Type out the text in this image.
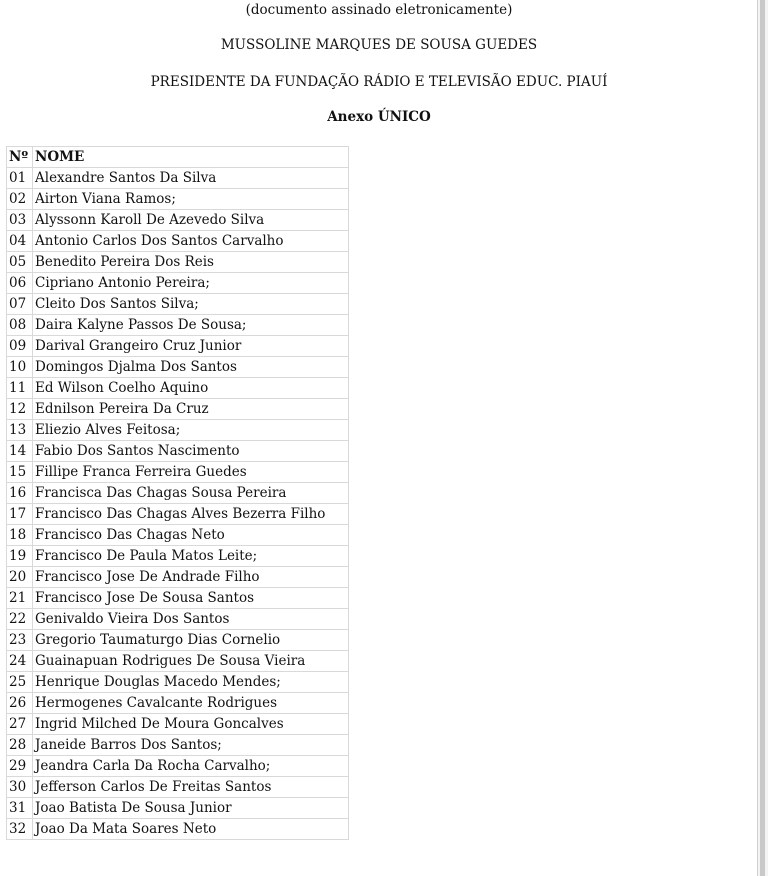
(documento assinado eletronicamente)
MUSSOLINE MARQUES DE SOUSA GUEDES
PRESIDENTE DA FUNDAÇÃO RÁDIO E TELEVISÃO EDUC. PIAUÍ
Anexo ÚNICO
Nº	NOME
01	Alexandre Santos Da Silva
02	Airton Viana Ramos;
03	Alyssonn Karoll De Azevedo Silva
04	Antonio Carlos Dos Santos Carvalho
05	Benedito Pereira Dos Reis
06	Cipriano Antonio Pereira;
07	Cleito Dos Santos Silva;
08	Daira Kalyne Passos De Sousa;
09	Darival Grangeiro Cruz Junior
10	Domingos Djalma Dos Santos
11	Ed Wilson Coelho Aquino
12	Ednilson Pereira Da Cruz
13	Eliezio Alves Feitosa;
14	Fabio Dos Santos Nascimento
15	Fillipe Franca Ferreira Guedes
16	Francisca Das Chagas Sousa Pereira
17	Francisco Das Chagas Alves Bezerra Filho
18	Francisco Das Chagas Neto
19	Francisco De Paula Matos Leite;
20	Francisco Jose De Andrade Filho
21	Francisco Jose De Sousa Santos
22	Genivaldo Vieira Dos Santos
23	Gregorio Taumaturgo Dias Cornelio
24	Guainapuan Rodrigues De Sousa Vieira
25	Henrique Douglas Macedo Mendes;
26	Hermogenes Cavalcante Rodrigues
27	Ingrid Milched De Moura Goncalves
28	Janeide Barros Dos Santos;
29	Jeandra Carla Da Rocha Carvalho;
30	Jefferson Carlos De Freitas Santos
31	Joao Batista De Sousa Junior
32	Joao Da Mata Soares Neto
